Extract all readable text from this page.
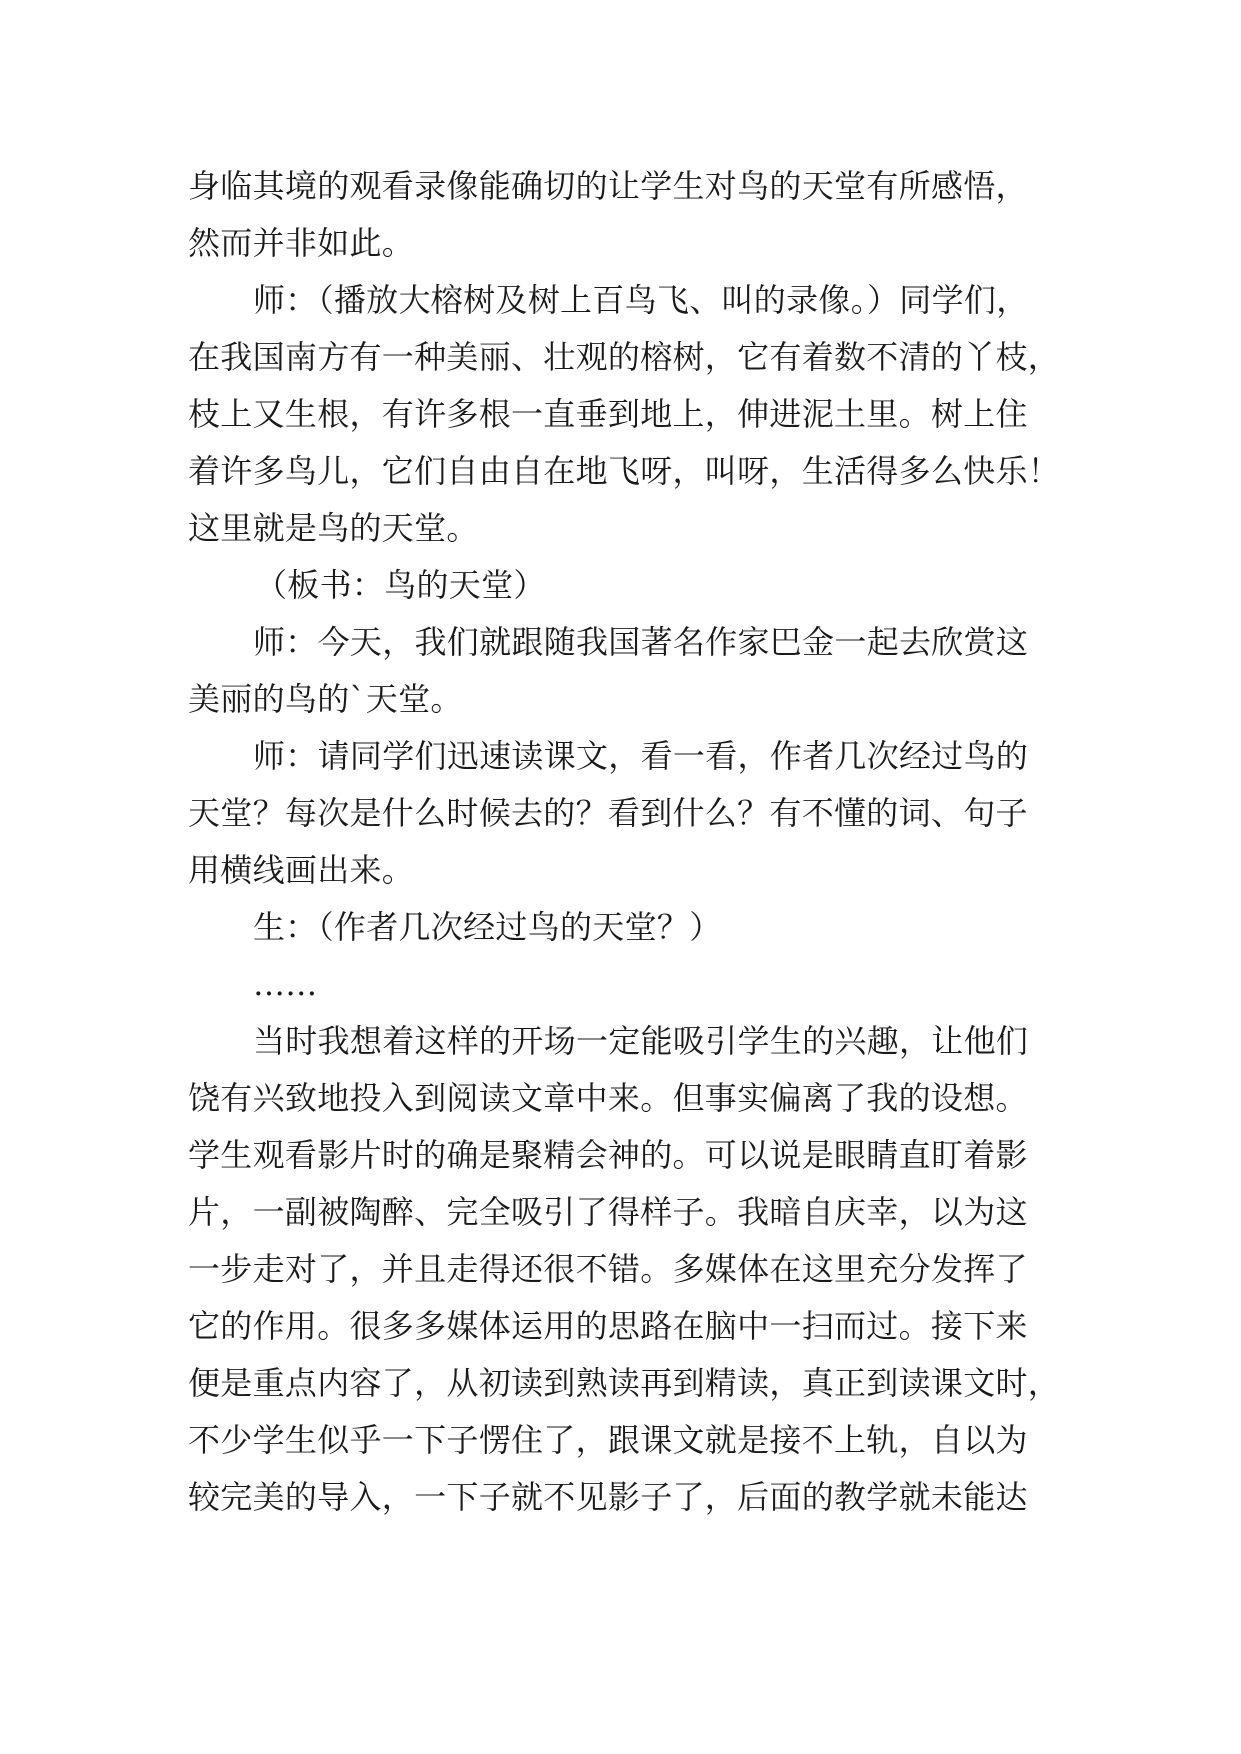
身临其境的观看录像能确切的让学生对鸟的天堂有所感悟，
然而并非如此。
师：（播放大榕树及树上百鸟飞、叫的录像。）同学们，
在我国南方有一种美丽、壮观的榕树，它有着数不清的丫枝，
枝上又生根，有许多根一直垂到地上，伸进泥土里。树上住
着许多鸟儿，它们自由自在地飞呀，叫呀，生活得多么快乐！
这里就是鸟的天堂。
（板书：鸟的天堂）
师：今天，我们就跟随我国著名作家巴金一起去欣赏这
美丽的鸟的`天堂。
师：请同学们迅速读课文，看一看，作者几次经过鸟的
天堂？每次是什么时候去的？看到什么？有不懂的词、句子
用横线画出来。
生：（作者几次经过鸟的天堂？）
……
当时我想着这样的开场一定能吸引学生的兴趣，让他们
饶有兴致地投入到阅读文章中来。但事实偏离了我的设想。
学生观看影片时的确是聚精会神的。可以说是眼睛直盯着影
片，一副被陶醉、完全吸引了得样子。我暗自庆幸，以为这
一步走对了，并且走得还很不错。多媒体在这里充分发挥了
它的作用。很多多媒体运用的思路在脑中一扫而过。接下来
便是重点内容了，从初读到熟读再到精读，真正到读课文时，
不少学生似乎一下子愣住了，跟课文就是接不上轨，自以为
较完美的导入，一下子就不见影子了，后面的教学就未能达
